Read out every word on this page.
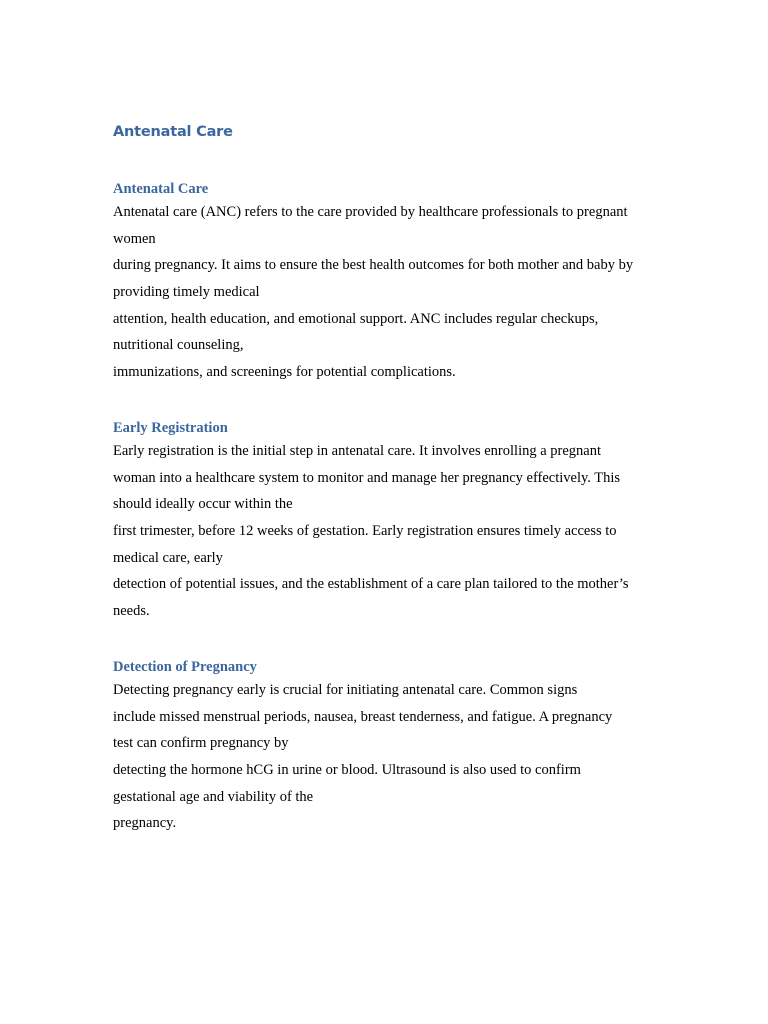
Antenatal Care
Antenatal Care

Antenatal care (ANC) refers to the care provided by healthcare professionals to pregnant

women

during pregnancy. It aims to ensure the best health outcomes for both mother and baby by

providing timely medical

attention, health education, and emotional support. ANC includes regular checkups,

nutritional counseling,

immunizations, and screenings for potential complications.

Early Registration

Early registration is the initial step in antenatal care. It involves enrolling a pregnant

woman into a healthcare system to monitor and manage her pregnancy effectively. This

should ideally occur within the

first trimester, before 12 weeks of gestation. Early registration ensures timely access to

medical care, early

detection of potential issues, and the establishment of a care plan tailored to the mother’s

needs.

Detection of Pregnancy

Detecting pregnancy early is crucial for initiating antenatal care. Common signs

include missed menstrual periods, nausea, breast tenderness, and fatigue. A pregnancy

test can confirm pregnancy by

detecting the hormone hCG in urine or blood. Ultrasound is also used to confirm

gestational age and viability of the

pregnancy.
